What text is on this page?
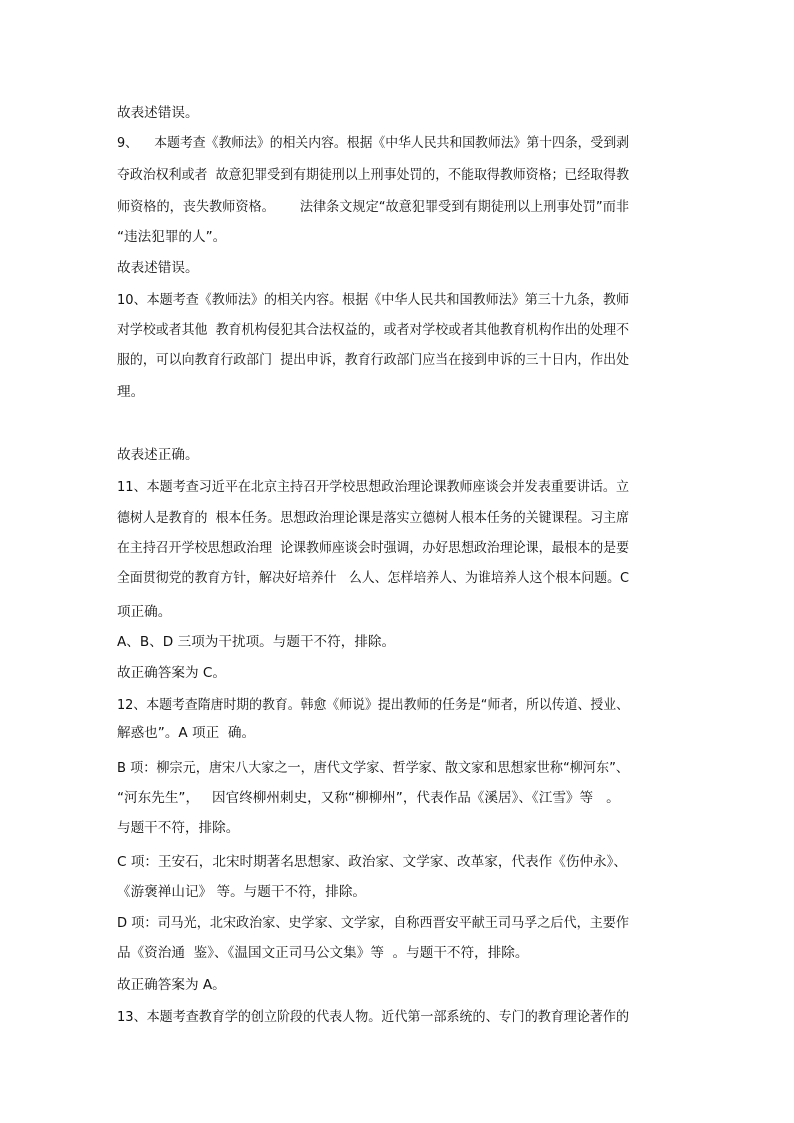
故表述错误。
9、    本题考查《教师法》的相关内容。根据《中华人民共和国教师法》第十四条，受到剥
夺政治权利或者  故意犯罪受到有期徒刑以上刑事处罚的，不能取得教师资格；已经取得教
师资格的，丧失教师资格。      法律条文规定“故意犯罪受到有期徒刑以上刑事处罚”而非
“违法犯罪的人”。
故表述错误。
10、本题考查《教师法》的相关内容。根据《中华人民共和国教师法》第三十九条，教师
对学校或者其他  教育机构侵犯其合法权益的，或者对学校或者其他教育机构作出的处理不
服的，可以向教育行政部门  提出申诉，教育行政部门应当在接到申诉的三十日内，作出处
理。
故表述正确。
11、本题考查习近平在北京主持召开学校思想政治理论课教师座谈会并发表重要讲话。立
德树人是教育的  根本任务。思想政治理论课是落实立德树人根本任务的关键课程。习主席
在主持召开学校思想政治理  论课教师座谈会时强调，办好思想政治理论课，最根本的是要
全面贯彻党的教育方针，解决好培养什   么人、怎样培养人、为谁培养人这个根本问题。C
项正确。
A、B、D 三项为干扰项。与题干不符，排除。
故正确答案为 C。
12、本题考查隋唐时期的教育。韩愈《师说》提出教师的任务是“师者，所以传道、授业、
解惑也”。A 项正  确。
B 项：柳宗元，唐宋八大家之一，唐代文学家、哲学家、散文家和思想家世称“柳河东”、
“河东先生”，   因官终柳州刺史，又称“柳柳州”，代表作品《溪居》、《江雪》等   。
与题干不符，排除。
C 项：王安石，北宋时期著名思想家、政治家、文学家、改革家，代表作《伤仲永》、
《游褒禅山记》 等。与题干不符，排除。
D 项：司马光，北宋政治家、史学家、文学家，自称西晋安平献王司马孚之后代，主要作
品《资治通  鉴》、《温国文正司马公文集》等  。与题干不符，排除。
故正确答案为 A。
13、本题考查教育学的创立阶段的代表人物。近代第一部系统的、专门的教育理论著作的
